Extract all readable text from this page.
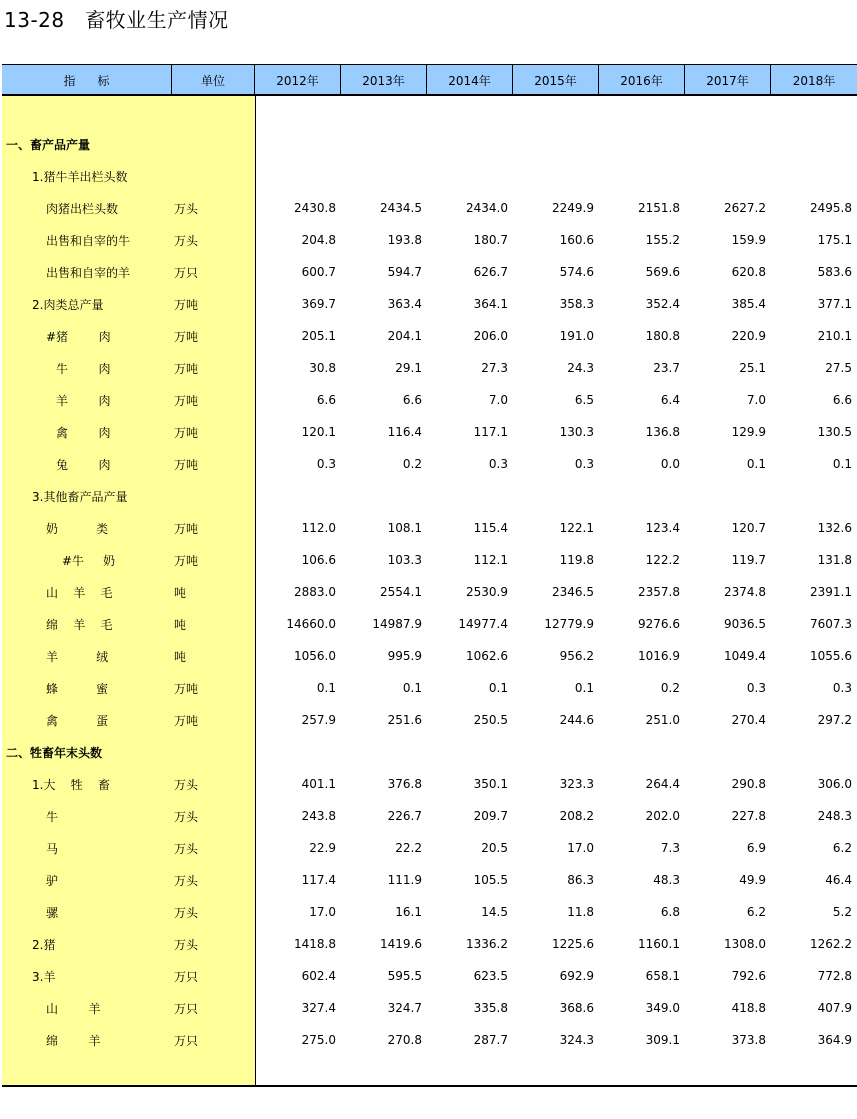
13-28   畜牧业生产情况
指标	单位	2012年	2013年	2014年	2015年	2016年	2017年	2018年
一、畜产品产量
1.猪牛羊出栏头数
肉猪出栏头数	万头	2430.8	2434.5	2434.0	2249.9	2151.8	2627.2	2495.8
出售和自宰的牛	万头	204.8	193.8	180.7	160.6	155.2	159.9	175.1
出售和自宰的羊	万只	600.7	594.7	626.7	574.6	569.6	620.8	583.6
2.肉类总产量	万吨	369.7	363.4	364.1	358.3	352.4	385.4	377.1
#猪        肉	万吨	205.1	204.1	206.0	191.0	180.8	220.9	210.1
牛        肉	万吨	30.8	29.1	27.3	24.3	23.7	25.1	27.5
羊        肉	万吨	6.6	6.6	7.0	6.5	6.4	7.0	6.6
禽        肉	万吨	120.1	116.4	117.1	130.3	136.8	129.9	130.5
兔        肉	万吨	0.3	0.2	0.3	0.3	0.0	0.1	0.1
3.其他畜产品产量
奶          类	万吨	112.0	108.1	115.4	122.1	123.4	120.7	132.6
#牛     奶	万吨	106.6	103.3	112.1	119.8	122.2	119.7	131.8
山    羊    毛	吨	2883.0	2554.1	2530.9	2346.5	2357.8	2374.8	2391.1
绵    羊    毛	吨	14660.0	14987.9	14977.4	12779.9	9276.6	9036.5	7607.3
羊          绒	吨	1056.0	995.9	1062.6	956.2	1016.9	1049.4	1055.6
蜂          蜜	万吨	0.1	0.1	0.1	0.1	0.2	0.3	0.3
禽          蛋	万吨	257.9	251.6	250.5	244.6	251.0	270.4	297.2
二、牲畜年末头数
1.大    牲    畜	万头	401.1	376.8	350.1	323.3	264.4	290.8	306.0
牛	万头	243.8	226.7	209.7	208.2	202.0	227.8	248.3
马	万头	22.9	22.2	20.5	17.0	7.3	6.9	6.2
驴	万头	117.4	111.9	105.5	86.3	48.3	49.9	46.4
骡	万头	17.0	16.1	14.5	11.8	6.8	6.2	5.2
2.猪	万头	1418.8	1419.6	1336.2	1225.6	1160.1	1308.0	1262.2
3.羊	万只	602.4	595.5	623.5	692.9	658.1	792.6	772.8
山        羊	万只	327.4	324.7	335.8	368.6	349.0	418.8	407.9
绵        羊	万只	275.0	270.8	287.7	324.3	309.1	373.8	364.9
